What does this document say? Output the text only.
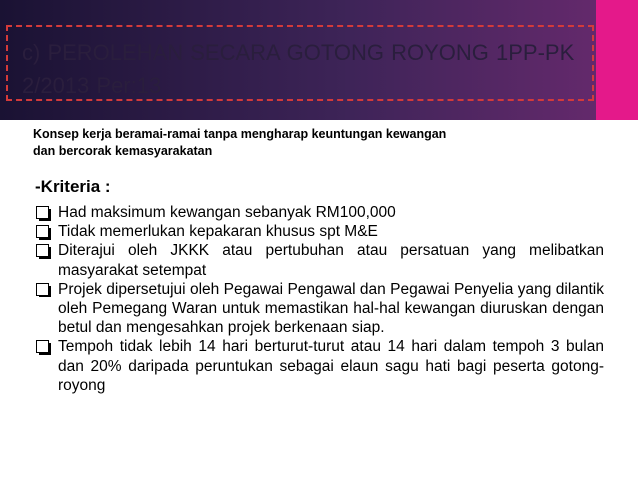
c) PEROLEHAN SECARA GOTONG ROYONG 1PP-PK
2/2013 Per:13
Konsep kerja beramai-ramai tanpa mengharap keuntungan kewangan
dan bercorak kemasyarakatan
-Kriteria :
Had maksimum kewangan sebanyak RM100,000
Tidak memerlukan kepakaran khusus spt M&E
Diterajui oleh JKKK atau pertubuhan atau persatuan yang melibatkan masyarakat setempat
Projek dipersetujui oleh Pegawai Pengawal dan Pegawai Penyelia yang dilantik oleh Pemegang Waran untuk memastikan hal-hal kewangan diuruskan dengan betul dan mengesahkan projek berkenaan siap.
Tempoh tidak lebih 14 hari berturut-turut atau 14 hari dalam tempoh 3 bulan dan 20% daripada peruntukan sebagai elaun sagu hati bagi peserta gotong-royong
